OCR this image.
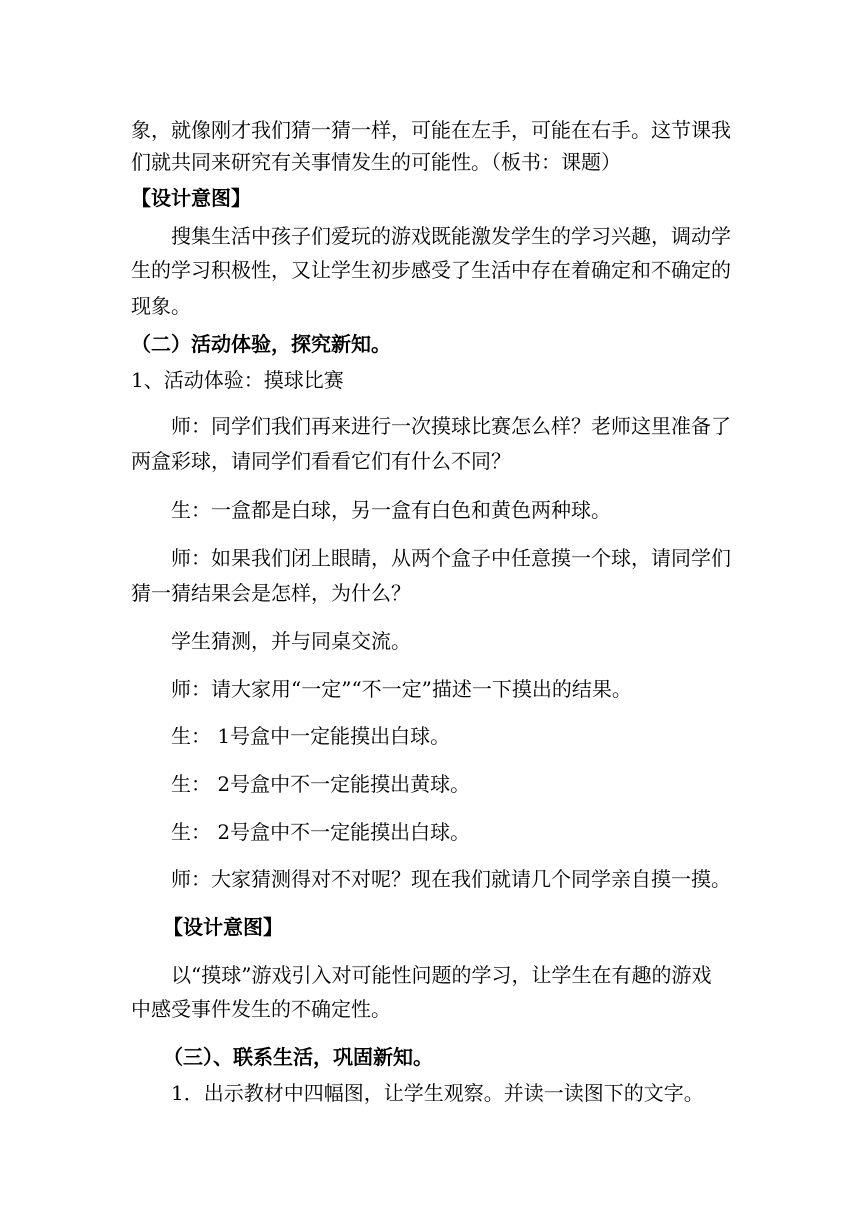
象，就像刚才我们猜一猜一样，可能在左手，可能在右手。这节课我
们就共同来研究有关事情发生的可能性。（板书：课题）
【设计意图】
搜集生活中孩子们爱玩的游戏既能激发学生的学习兴趣，调动学
生的学习积极性，又让学生初步感受了生活中存在着确定和不确定的
现象。
（二）活动体验，探究新知。
1、活动体验：摸球比赛
师：同学们我们再来进行一次摸球比赛怎么样？老师这里准备了
两盒彩球，请同学们看看它们有什么不同？
生：一盒都是白球，另一盒有白色和黄色两种球。
师：如果我们闭上眼睛，从两个盒子中任意摸一个球，请同学们
猜一猜结果会是怎样，为什么？
学生猜测，并与同桌交流。
师：请大家用“一定”“不一定”描述一下摸出的结果。
生： 1号盒中一定能摸出白球。
生： 2号盒中不一定能摸出黄球。
生： 2号盒中不一定能摸出白球。
师：大家猜测得对不对呢？现在我们就请几个同学亲自摸一摸。
【设计意图】
以“摸球”游戏引入对可能性问题的学习，让学生在有趣的游戏
中感受事件发生的不确定性。
（三）、联系生活，巩固新知。
1．出示教材中四幅图，让学生观察。并读一读图下的文字。
